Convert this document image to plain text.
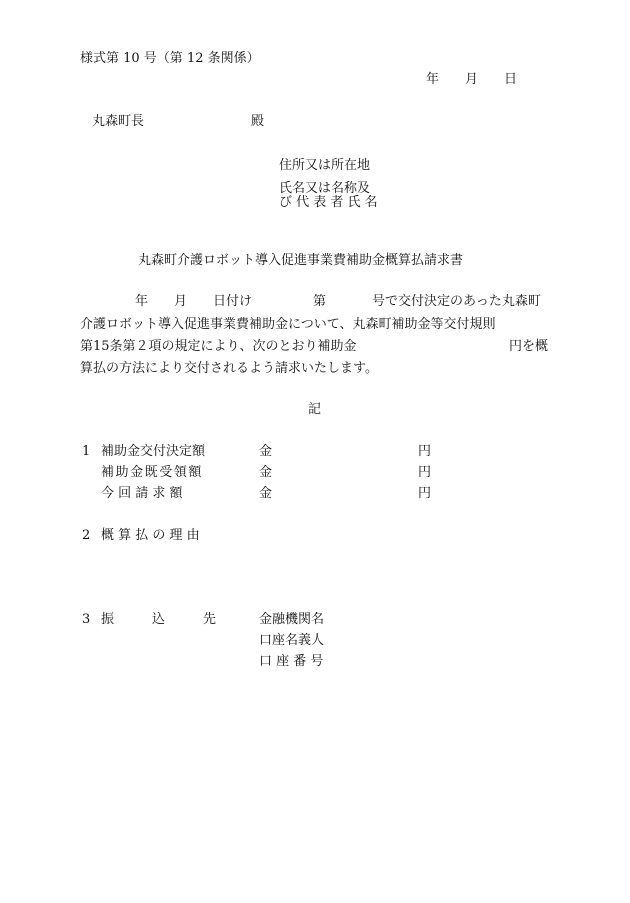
様式第 10 号（第 12 条関係）
年　　月　　日
丸森町長	殿
住所又は所在地
氏名又は名称及
び 代 表 者 氏 名
丸森町介護ロボット導入促進事業費補助金概算払請求書
年　　月　　日付け	第	号で交付決定のあった丸森町
介護ロボット導入促進事業費補助金について、丸森町補助金等交付規則
第15条第２項の規定により、次のとおり補助金	円を概
算払の方法により交付されるよう請求いたします。
記
1 補助金交付決定額	金	円
補助金既受領額	金	円
今 回 請 求 額	金	円
2 概 算 払 の 理 由
3 振	込	先	金融機関名
口座名義人
口 座 番 号
